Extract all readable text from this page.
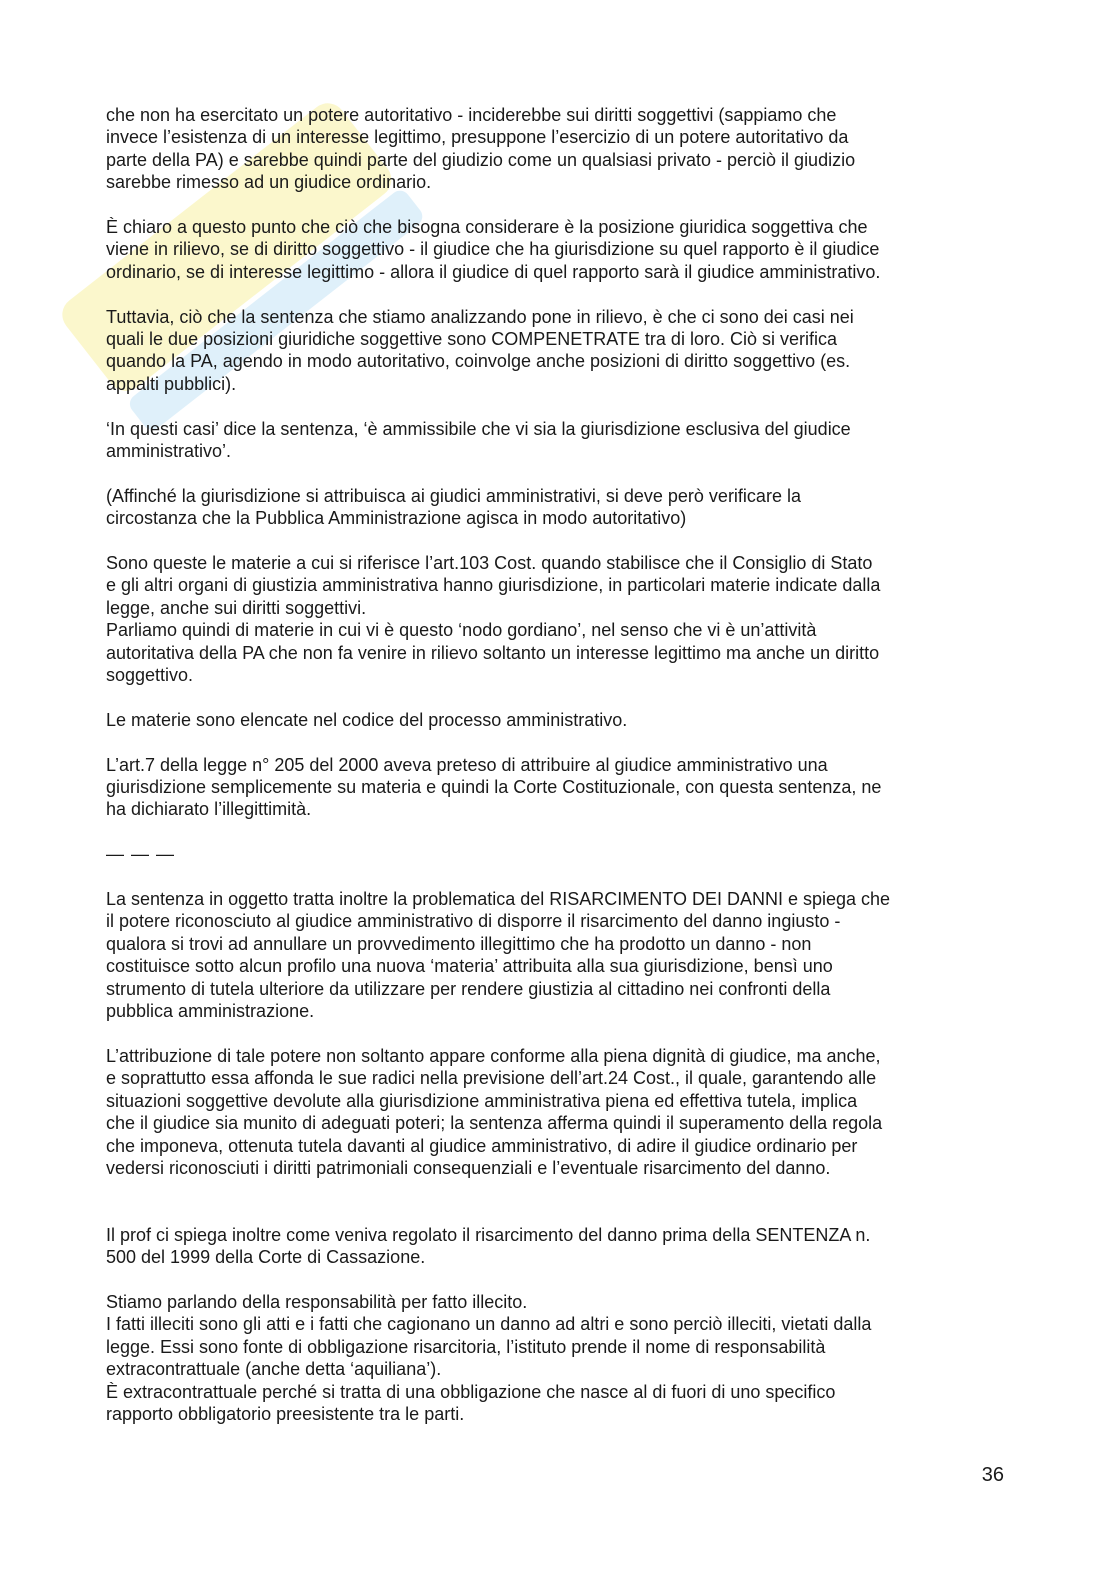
che non ha esercitato un potere autoritativo - inciderebbe sui diritti soggettivi (sappiamo che
invece l’esistenza di un interesse legittimo, presuppone l’esercizio di un potere autoritativo da
parte della PA) e sarebbe quindi parte del giudizio come un qualsiasi privato - perciò il giudizio
sarebbe rimesso ad un giudice ordinario.
È chiaro a questo punto che ciò che bisogna considerare è la posizione giuridica soggettiva che
viene in rilievo, se di diritto soggettivo - il giudice che ha giurisdizione su quel rapporto è il giudice
ordinario, se di interesse legittimo - allora il giudice di quel rapporto sarà il giudice amministrativo.
Tuttavia, ciò che la sentenza che stiamo analizzando pone in rilievo, è che ci sono dei casi nei
quali le due posizioni giuridiche soggettive sono COMPENETRATE tra di loro. Ciò si verifica
quando la PA, agendo in modo autoritativo, coinvolge anche posizioni di diritto soggettivo (es.
appalti pubblici).
‘In questi casi’ dice la sentenza, ‘è ammissibile che vi sia la giurisdizione esclusiva del giudice
amministrativo’.
(Affinché la giurisdizione si attribuisca ai giudici amministrativi, si deve però verificare la
circostanza che la Pubblica Amministrazione agisca in modo autoritativo)
Sono queste le materie a cui si riferisce l’art.103 Cost. quando stabilisce che il Consiglio di Stato
e gli altri organi di giustizia amministrativa hanno giurisdizione, in particolari materie indicate dalla
legge, anche sui diritti soggettivi.
Parliamo quindi di materie in cui vi è questo ‘nodo gordiano’, nel senso che vi è un’attività
autoritativa della PA che non fa venire in rilievo soltanto un interesse legittimo ma anche un diritto
soggettivo.
Le materie sono elencate nel codice del processo amministrativo.
L’art.7 della legge n° 205 del 2000 aveva preteso di attribuire al giudice amministrativo una
giurisdizione semplicemente su materia e quindi la Corte Costituzionale, con questa sentenza, ne
ha dichiarato l’illegittimità.
— — —
La sentenza in oggetto tratta inoltre la problematica del RISARCIMENTO DEI DANNI e spiega che
il potere riconosciuto al giudice amministrativo di disporre il risarcimento del danno ingiusto -
qualora si trovi ad annullare un provvedimento illegittimo che ha prodotto un danno - non
costituisce sotto alcun profilo una nuova ‘materia’ attribuita alla sua giurisdizione, bensì uno
strumento di tutela ulteriore da utilizzare per rendere giustizia al cittadino nei confronti della
pubblica amministrazione.
L’attribuzione di tale potere non soltanto appare conforme alla piena dignità di giudice, ma anche,
e soprattutto essa affonda le sue radici nella previsione dell’art.24 Cost., il quale, garantendo alle
situazioni soggettive devolute alla giurisdizione amministrativa piena ed effettiva tutela, implica
che il giudice sia munito di adeguati poteri; la sentenza afferma quindi il superamento della regola
che imponeva, ottenuta tutela davanti al giudice amministrativo, di adire il giudice ordinario per
vedersi riconosciuti i diritti patrimoniali consequenziali e l’eventuale risarcimento del danno.
Il prof ci spiega inoltre come veniva regolato il risarcimento del danno prima della SENTENZA n.
500 del 1999 della Corte di Cassazione.
Stiamo parlando della responsabilità per fatto illecito.
I fatti illeciti sono gli atti e i fatti che cagionano un danno ad altri e sono perciò illeciti, vietati dalla
legge. Essi sono fonte di obbligazione risarcitoria, l’istituto prende il nome di responsabilità
extracontrattuale (anche detta ‘aquiliana’).
È extracontrattuale perché si tratta di una obbligazione che nasce al di fuori di uno specifico
rapporto obbligatorio preesistente tra le parti.
36
